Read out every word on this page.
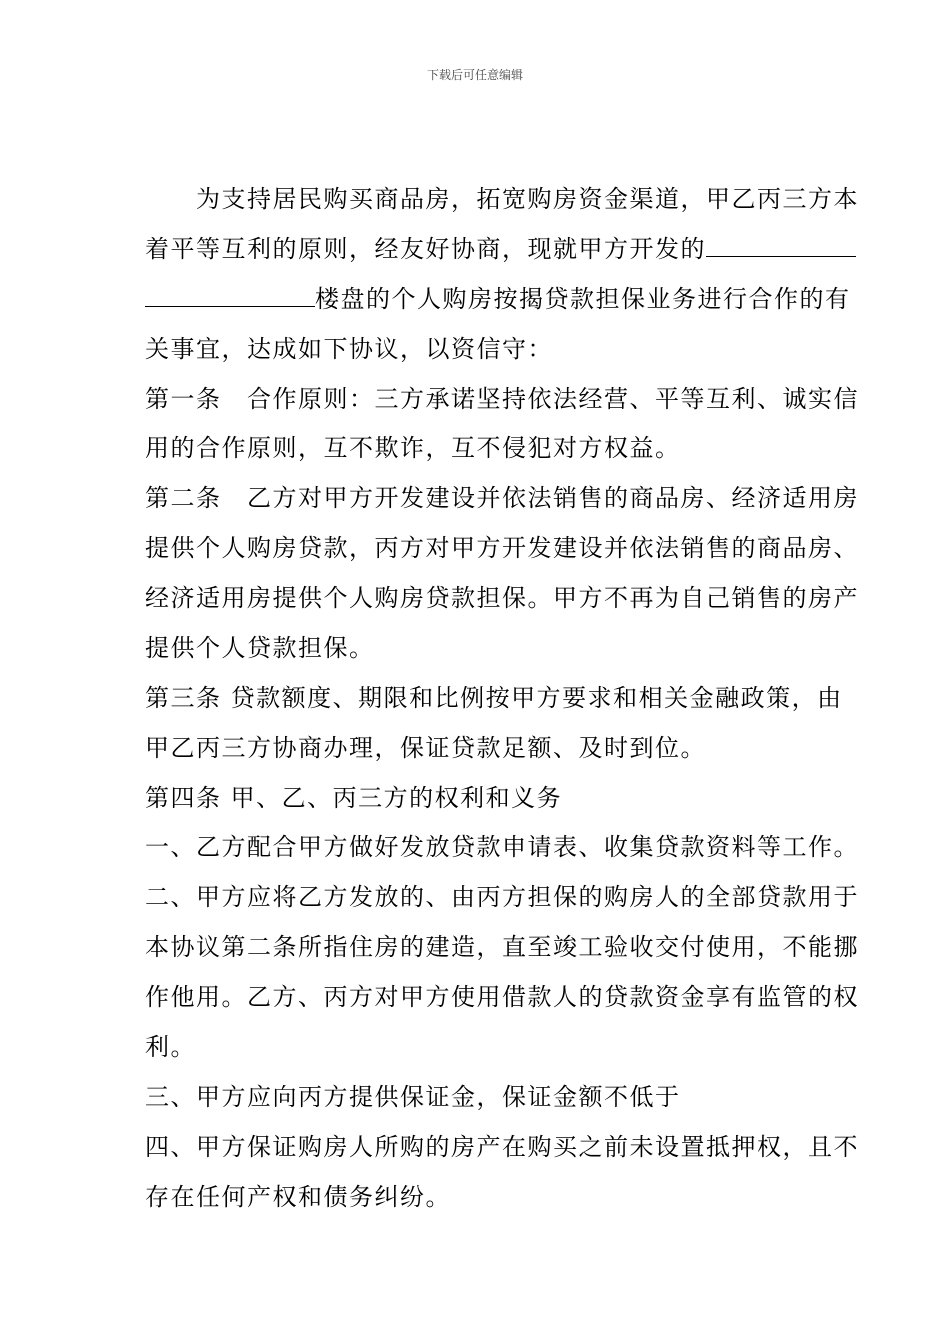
下载后可任意编辑
为支持居民购买商品房，拓宽购房资金渠道，甲乙丙三方本
着平等互利的原则，经友好协商，现就甲方开发的
楼盘的个人购房按揭贷款担保业务进行合作的有
关事宜，达成如下协议，以资信守：
第一条　合作原则：三方承诺坚持依法经营、平等互利、诚实信
用的合作原则，互不欺诈，互不侵犯对方权益。
第二条　乙方对甲方开发建设并依法销售的商品房、经济适用房
提供个人购房贷款，丙方对甲方开发建设并依法销售的商品房、
经济适用房提供个人购房贷款担保。甲方不再为自己销售的房产
提供个人贷款担保。
第三条 贷款额度、期限和比例按甲方要求和相关金融政策，由
甲乙丙三方协商办理，保证贷款足额、及时到位。
第四条 甲、乙、丙三方的权利和义务
一、乙方配合甲方做好发放贷款申请表、收集贷款资料等工作。
二、甲方应将乙方发放的、由丙方担保的购房人的全部贷款用于
本协议第二条所指住房的建造，直至竣工验收交付使用，不能挪
作他用。乙方、丙方对甲方使用借款人的贷款资金享有监管的权
利。
三、甲方应向丙方提供保证金，保证金额不低于
四、甲方保证购房人所购的房产在购买之前未设置抵押权，且不
存在任何产权和债务纠纷。
